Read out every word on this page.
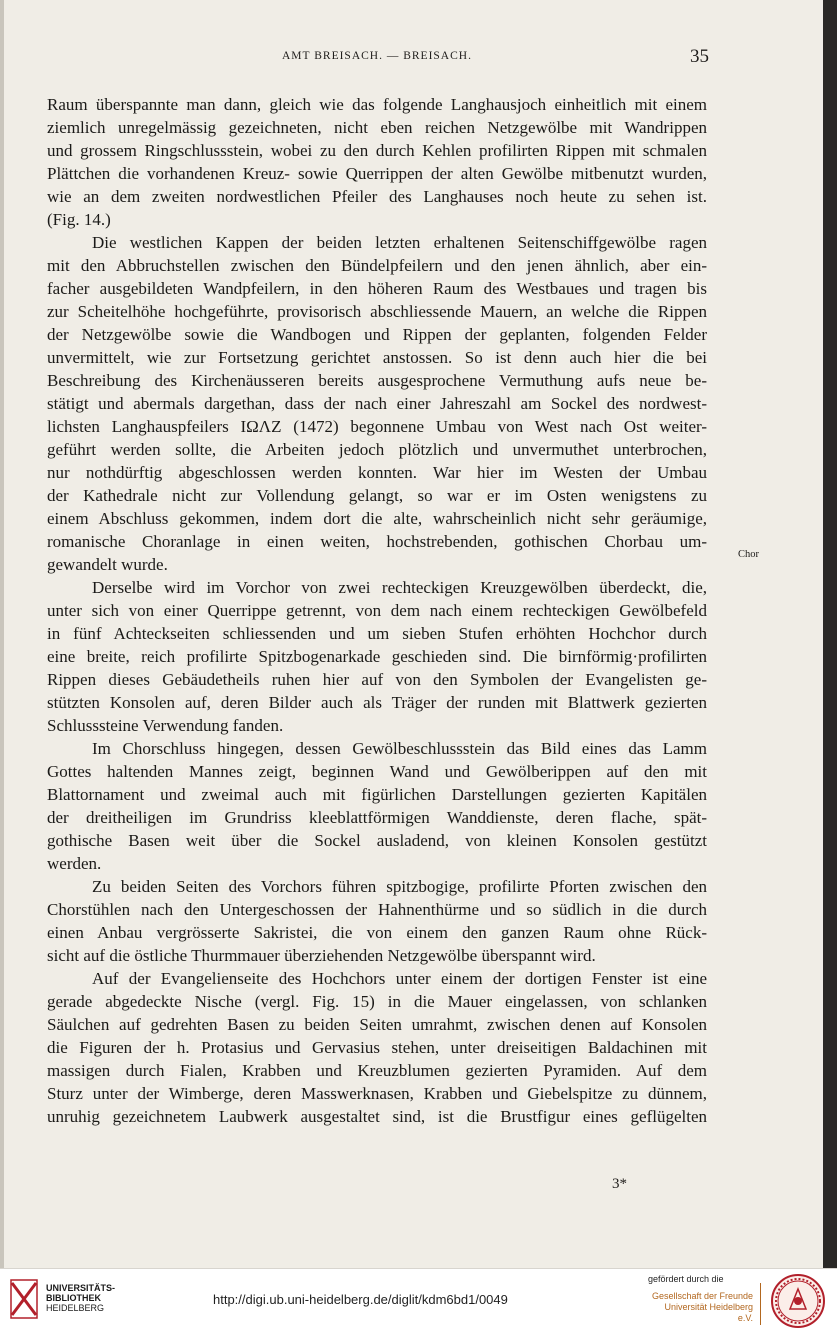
AMT BREISACH. — BREISACH.	35
Raum überspannte man dann, gleich wie das folgende Langhausjoch einheitlich mit einem
ziemlich unregelmässig gezeichneten, nicht eben reichen Netzgewölbe mit Wandrippen
und grossem Ringschlussstein, wobei zu den durch Kehlen profilirten Rippen mit schmalen
Plättchen die vorhandenen Kreuz- sowie Querrippen der alten Gewölbe mitbenutzt wurden,
wie an dem zweiten nordwestlichen Pfeiler des Langhauses noch heute zu sehen ist.
(Fig. 14.)
Die westlichen Kappen der beiden letzten erhaltenen Seitenschiffgewölbe ragen
mit den Abbruchstellen zwischen den Bündelpfeilern und den jenen ähnlich, aber ein-
facher ausgebildeten Wandpfeilern, in den höheren Raum des Westbaues und tragen bis
zur Scheitelhöhe hochgeführte, provisorisch abschliessende Mauern, an welche die Rippen
der Netzgewölbe sowie die Wandbogen und Rippen der geplanten, folgenden Felder
unvermittelt, wie zur Fortsetzung gerichtet anstossen. So ist denn auch hier die bei
Beschreibung des Kirchenäusseren bereits ausgesprochene Vermuthung aufs neue be-
stätigt und abermals dargethan, dass der nach einer Jahreszahl am Sockel des nordwest-
lichsten Langhauspfeilers IΩΛZ (1472) begonnene Umbau von West nach Ost weiter-
geführt werden sollte, die Arbeiten jedoch plötzlich und unvermuthet unterbrochen,
nur nothdürftig abgeschlossen werden konnten. War hier im Westen der Umbau
der Kathedrale nicht zur Vollendung gelangt, so war er im Osten wenigstens zu
einem Abschluss gekommen, indem dort die alte, wahrscheinlich nicht sehr geräumige,
romanische Choranlage in einen weiten, hochstrebenden, gothischen Chorbau um-
gewandelt wurde.
Derselbe wird im Vorchor von zwei rechteckigen Kreuzgewölben überdeckt, die,
unter sich von einer Querrippe getrennt, von dem nach einem rechteckigen Gewölbefeld
in fünf Achteckseiten schliessenden und um sieben Stufen erhöhten Hochchor durch
eine breite, reich profilirte Spitzbogenarkade geschieden sind. Die birnförmig·profilirten
Rippen dieses Gebäudetheils ruhen hier auf von den Symbolen der Evangelisten ge-
stützten Konsolen auf, deren Bilder auch als Träger der runden mit Blattwerk gezierten
Schlusssteine Verwendung fanden.
Im Chorschluss hingegen, dessen Gewölbeschlussstein das Bild eines das Lamm
Gottes haltenden Mannes zeigt, beginnen Wand und Gewölberippen auf den mit
Blattornament und zweimal auch mit figürlichen Darstellungen gezierten Kapitälen
der dreitheiligen im Grundriss kleeblattförmigen Wanddienste, deren flache, spät-
gothische Basen weit über die Sockel ausladend, von kleinen Konsolen gestützt
werden.
Zu beiden Seiten des Vorchors führen spitzbogige, profilirte Pforten zwischen den
Chorstühlen nach den Untergeschossen der Hahnenthürme und so südlich in die durch
einen Anbau vergrösserte Sakristei, die von einem den ganzen Raum ohne Rück-
sicht auf die östliche Thurmmauer überziehenden Netzgewölbe überspannt wird.
Auf der Evangelienseite des Hochchors unter einem der dortigen Fenster ist eine
gerade abgedeckte Nische (vergl. Fig. 15) in die Mauer eingelassen, von schlanken
Säulchen auf gedrehten Basen zu beiden Seiten umrahmt, zwischen denen auf Konsolen
die Figuren der h. Protasius und Gervasius stehen, unter dreiseitigen Baldachinen mit
massigen durch Fialen, Krabben und Kreuzblumen gezierten Pyramiden. Auf dem
Sturz unter der Wimberge, deren Masswerknasen, Krabben und Giebelspitze zu dünnem,
unruhig gezeichnetem Laubwerk ausgestaltet sind, ist die Brustfigur eines geflügelten
Chor
3*
UNIVERSITÄTS-
BIBLIOTHEK
HEIDELBERG
http://digi.ub.uni-heidelberg.de/diglit/kdm6bd1/0049
gefördert durch die
Gesellschaft der Freunde
Universität Heidelberg e.V.
